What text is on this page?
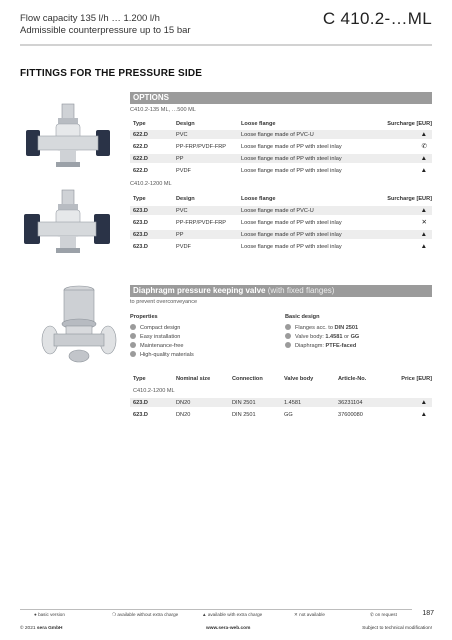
Flow capacity 135 l/h … 1.200 l/h
Admissible counterpressure up to 15 bar
C 410.2-…ML
FITTINGS FOR THE PRESSURE SIDE
OPTIONS
C410.2-135 ML, …500 ML
Type	Design	Loose flange	Surcharge [EUR]
622.D	PVC	Loose flange made of PVC-U	▲
622.D	PP-FRP/PVDF-FRP	Loose flange made of PP with steel inlay	✆
622.D	PP	Loose flange made of PP with steel inlay	▲
622.D	PVDF	Loose flange made of PP with steel inlay	▲
C410.2-1200 ML
Type	Design	Loose flange	Surcharge [EUR]
623.D	PVC	Loose flange made of PVC-U	▲
623.D	PP-FRP/PVDF-FRP	Loose flange made of PP with steel inlay	✕
623.D	PP	Loose flange made of PP with steel inlay	▲
623.D	PVDF	Loose flange made of PP with steel inlay	▲
Diaphragm pressure keeping valve (with fixed flanges)
to prevent overconveyance
Properties
Compact design
Easy installation
Maintenance-free
High-quality materials
Basic design
Flanges acc. to DIN 2501
Valve body: 1.4581 or GG
Diaphragm: PTFE-faced
Type	Nominal size	Connection	Valve body	Article-No.	Price [EUR]
C410.2-1200 ML
623.D	DN20	DIN 2501	1.4581	36231104	▲
623.D	DN20	DIN 2501	GG	37600080	▲
● basic version	❍ available without extra charge	▲ available with extra charge	✕ not available	✆ on request	187
© 2021 sera GmbH	www.sera-web.com	Subject to technical modification!
